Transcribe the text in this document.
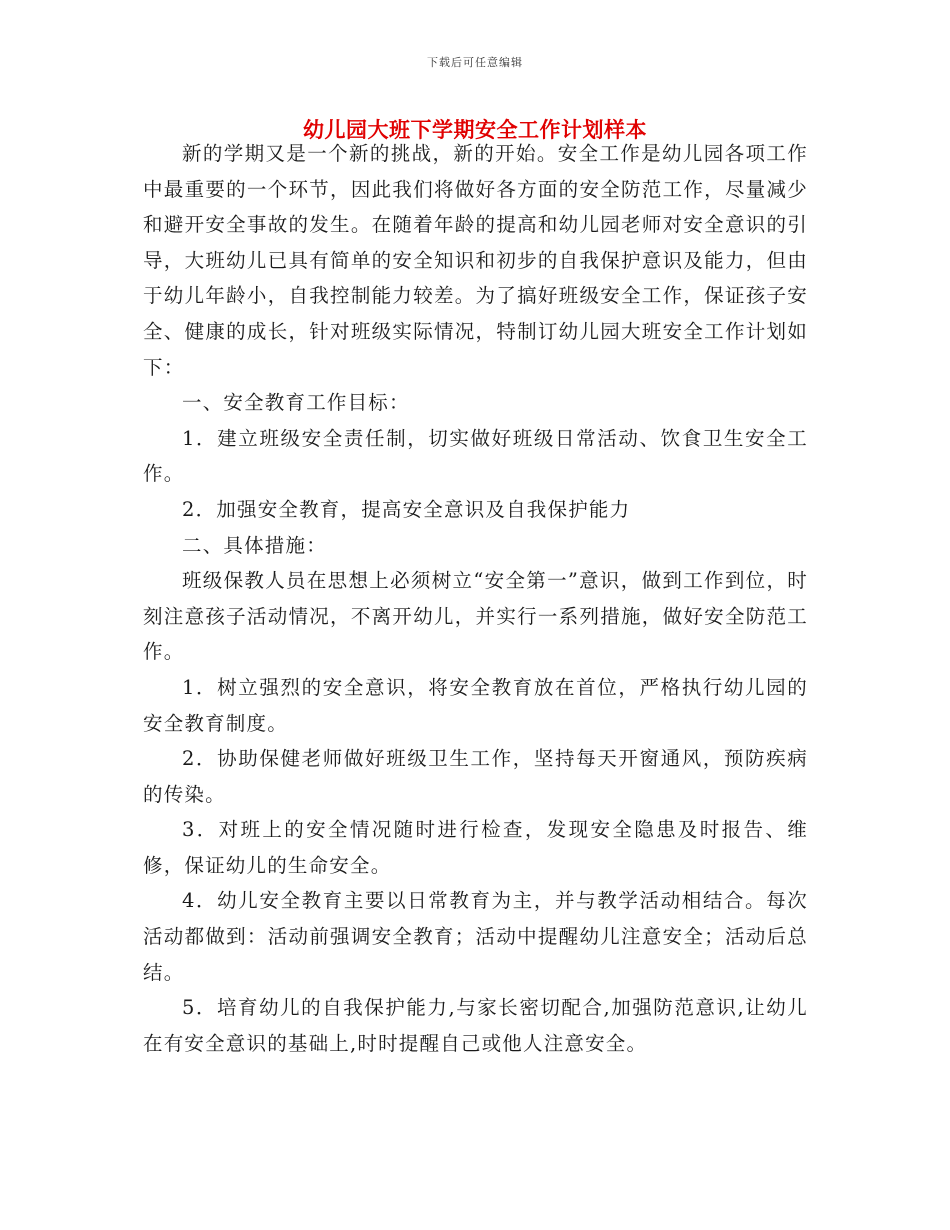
下载后可任意编辑
幼儿园大班下学期安全工作计划样本

新的学期又是一个新的挑战，新的开始。安全工作是幼儿园各项工作中最重要的一个环节，因此我们将做好各方面的安全防范工作，尽量减少和避开安全事故的发生。在随着年龄的提高和幼儿园老师对安全意识的引导，大班幼儿已具有简单的安全知识和初步的自我保护意识及能力，但由于幼儿年龄小，自我控制能力较差。为了搞好班级安全工作，保证孩子安全、健康的成长，针对班级实际情况，特制订幼儿园大班安全工作计划如下：

一、安全教育工作目标：

1．建立班级安全责任制，切实做好班级日常活动、饮食卫生安全工作。

2．加强安全教育，提高安全意识及自我保护能力

二、具体措施：

班级保教人员在思想上必须树立“安全第一”意识，做到工作到位，时刻注意孩子活动情况，不离开幼儿，并实行一系列措施，做好安全防范工作。

1．树立强烈的安全意识，将安全教育放在首位，严格执行幼儿园的安全教育制度。

2．协助保健老师做好班级卫生工作，坚持每天开窗通风，预防疾病的传染。

3．对班上的安全情况随时进行检查，发现安全隐患及时报告、维修，保证幼儿的生命安全。

4．幼儿安全教育主要以日常教育为主，并与教学活动相结合。每次活动都做到：活动前强调安全教育；活动中提醒幼儿注意安全；活动后总结。

5．培育幼儿的自我保护能力,与家长密切配合,加强防范意识,让幼儿在有安全意识的基础上,时时提醒自己或他人注意安全。
